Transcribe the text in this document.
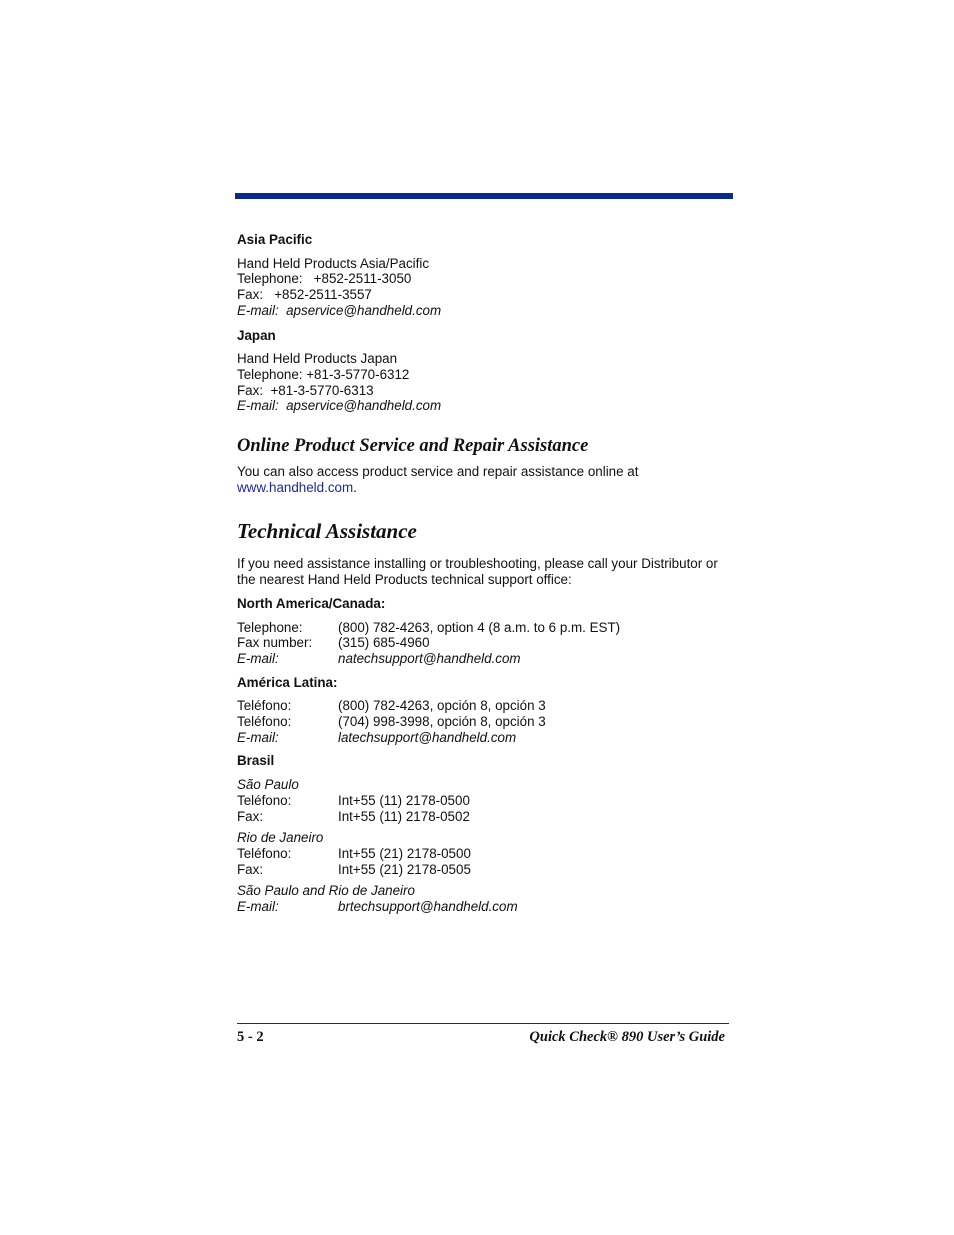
Asia Pacific

Hand Held Products Asia/Pacific

Telephone:   +852-2511-3050

Fax:   +852-2511-3557

E-mail:  apservice@handheld.com

Japan

Hand Held Products Japan

Telephone: +81-3-5770-6312

Fax:  +81-3-5770-6313

E-mail:  apservice@handheld.com

Online Product Service and Repair Assistance

You can also access product service and repair assistance online at
www.handheld.com.

Technical Assistance

If you need assistance installing or troubleshooting, please call your Distributor or the nearest Hand Held Products technical support office:

North America/Canada:

Telephone:	(800) 782-4263, option 4 (8 a.m. to 6 p.m. EST)
Fax number:	(315) 685-4960
E-mail:	natechsupport@handheld.com

América Latina:

Teléfono:	(800) 782-4263, opción 8, opción 3
Teléfono:	(704) 998-3998, opción 8, opción 3
E-mail:	latechsupport@handheld.com

Brasil

São Paulo

Teléfono:	Int+55 (11) 2178-0500
Fax:	Int+55 (11) 2178-0502

Rio de Janeiro

Teléfono:	Int+55 (21) 2178-0500
Fax:	Int+55 (21) 2178-0505

São Paulo and Rio de Janeiro

E-mail:	brtechsupport@handheld.com
5 - 2	Quick Check® 890 User’s Guide
